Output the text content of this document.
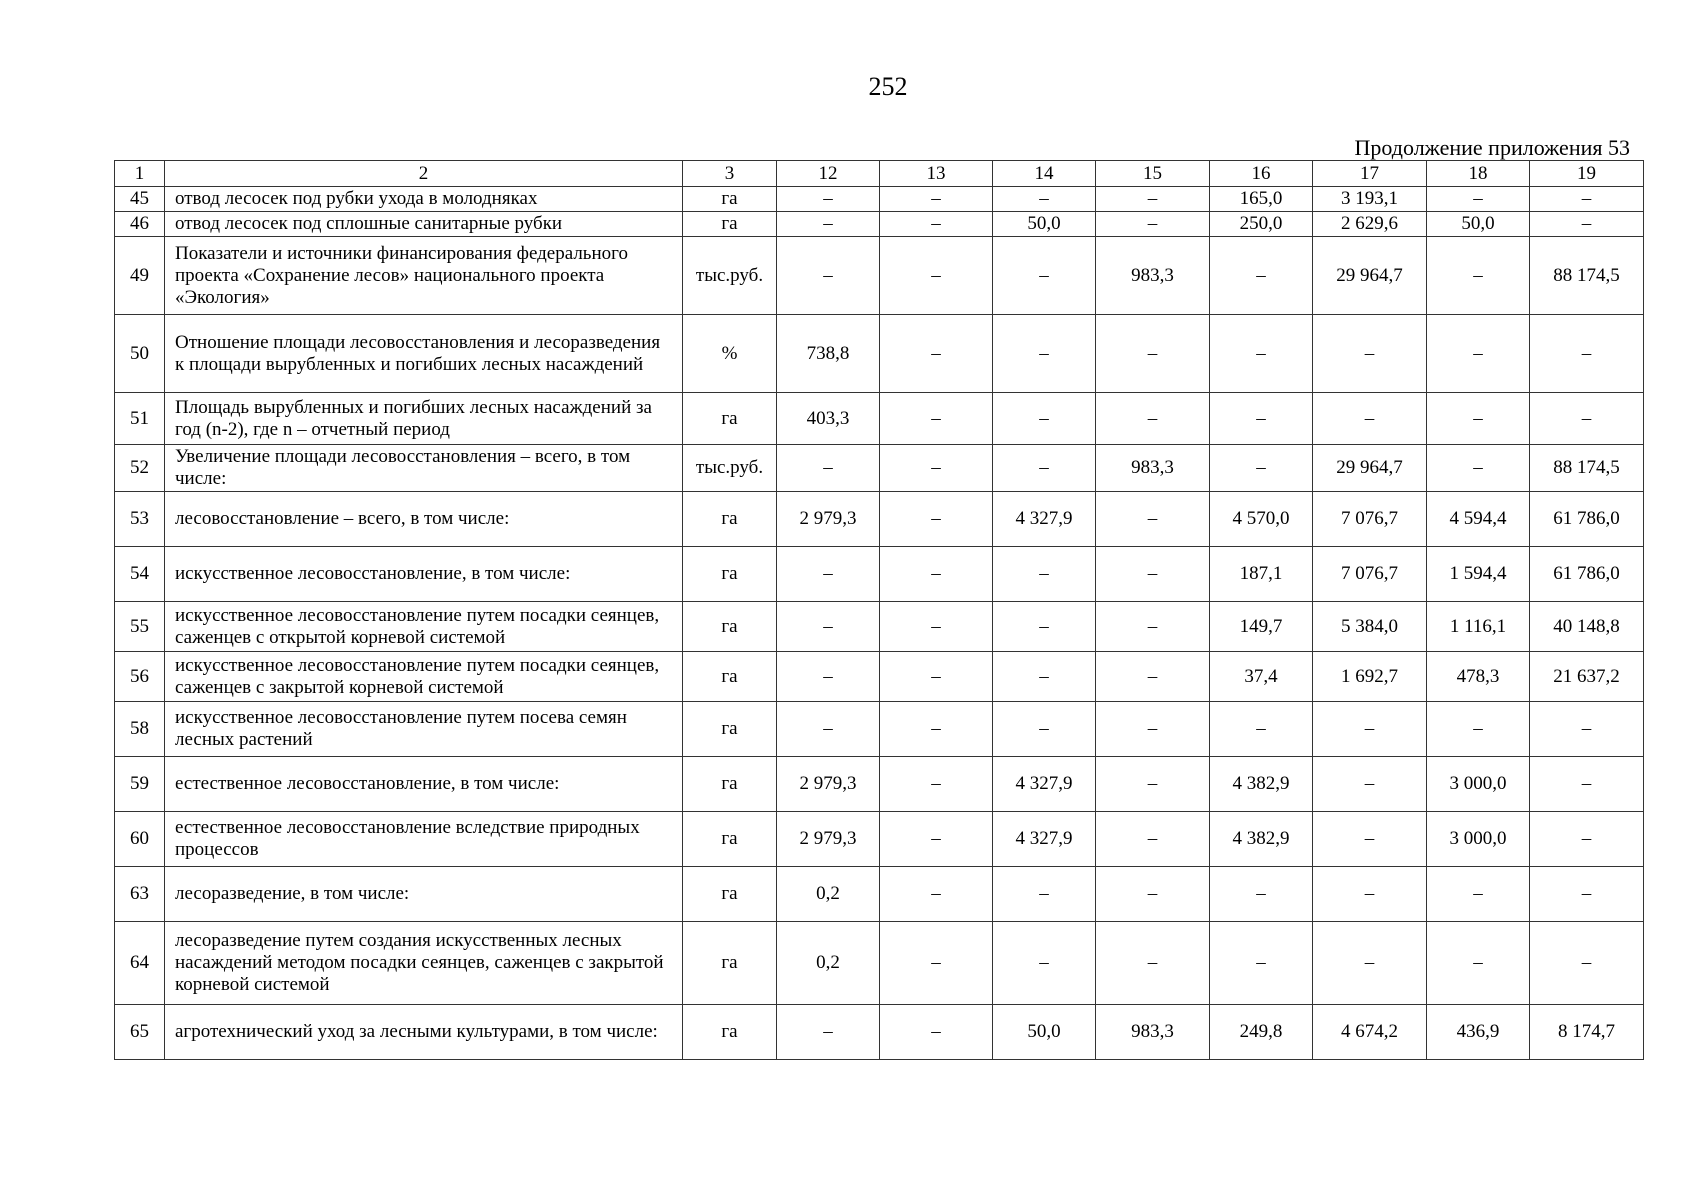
252
Продолжение приложения 53
1	2	3	12	13	14	15	16	17	18	19
45	отвод лесосек под рубки ухода в молодняках	га	–	–	–	–	165,0	3 193,1	–	–
46	отвод лесосек под сплошные санитарные рубки	га	–	–	50,0	–	250,0	2 629,6	50,0	–
49	Показатели и источники финансирования федерального проекта «Сохранение лесов» национального проекта «Экология»	тыс.руб.	–	–	–	983,3	–	29 964,7	–	88 174,5
50	Отношение площади лесовосстановления и лесоразведения к площади вырубленных и погибших лесных насаждений	%	738,8	–	–	–	–	–	–	–
51	Площадь вырубленных и погибших лесных насаждений за год (n-2), где n – отчетный период	га	403,3	–	–	–	–	–	–	–
52	Увеличение площади лесовосстановления – всего, в том числе:	тыс.руб.	–	–	–	983,3	–	29 964,7	–	88 174,5
53	лесовосстановление – всего, в том числе:	га	2 979,3	–	4 327,9	–	4 570,0	7 076,7	4 594,4	61 786,0
54	искусственное лесовосстановление, в том числе:	га	–	–	–	–	187,1	7 076,7	1 594,4	61 786,0
55	искусственное лесовосстановление путем посадки сеянцев, саженцев с открытой корневой системой	га	–	–	–	–	149,7	5 384,0	1 116,1	40 148,8
56	искусственное лесовосстановление путем посадки сеянцев, саженцев с закрытой корневой системой	га	–	–	–	–	37,4	1 692,7	478,3	21 637,2
58	искусственное лесовосстановление путем посева семян лесных растений	га	–	–	–	–	–	–	–	–
59	естественное лесовосстановление, в том числе:	га	2 979,3	–	4 327,9	–	4 382,9	–	3 000,0	–
60	естественное лесовосстановление вследствие природных процессов	га	2 979,3	–	4 327,9	–	4 382,9	–	3 000,0	–
63	лесоразведение, в том числе:	га	0,2	–	–	–	–	–	–	–
64	лесоразведение путем создания искусственных лесных насаждений методом посадки сеянцев, саженцев с закрытой корневой системой	га	0,2	–	–	–	–	–	–	–
65	агротехнический уход за лесными культурами, в том числе:	га	–	–	50,0	983,3	249,8	4 674,2	436,9	8 174,7
